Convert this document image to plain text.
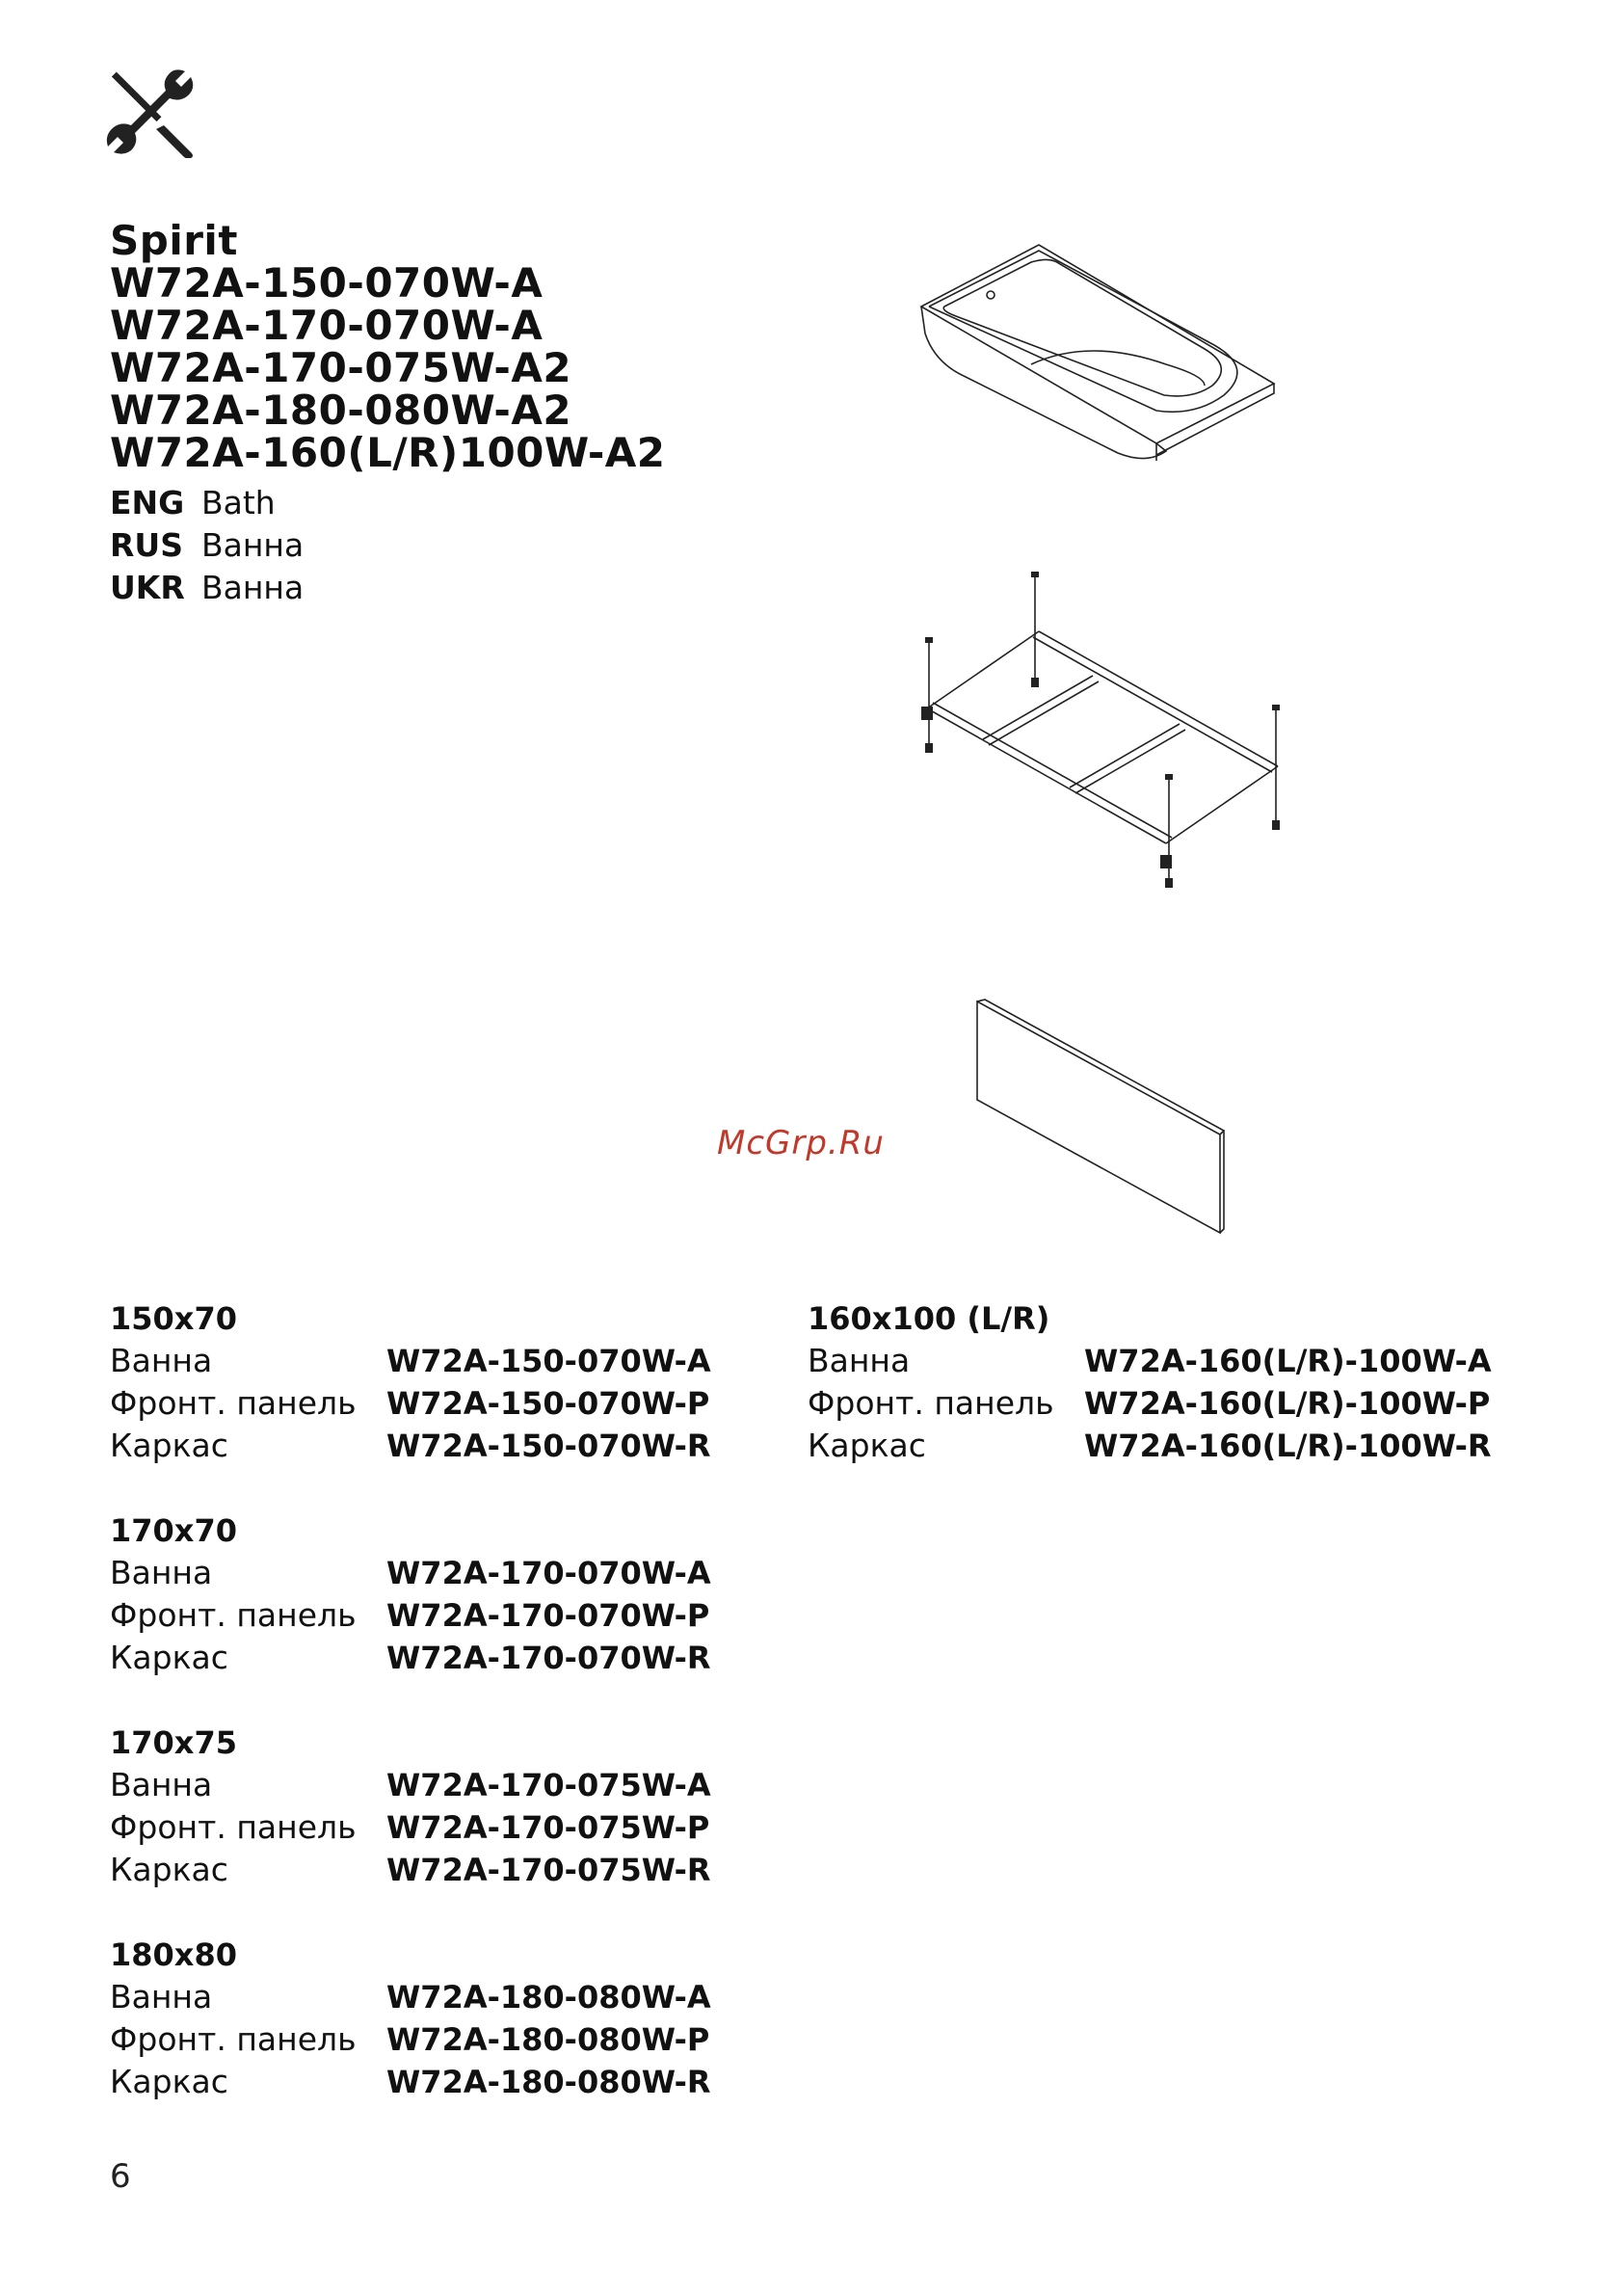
Spirit
W72A-150-070W-A
W72A-170-070W-A
W72A-170-075W-A2
W72A-180-080W-A2
W72A-160(L/R)100W-A2
ENG Bath
RUS Ванна
UKR Ванна
McGrp.Ru
150x70
Ванна	W72A-150-070W-A
Фронт. панель W72A-150-070W-P
Каркас	W72A-150-070W-R
170x70
Ванна	W72A-170-070W-A
Фронт. панель W72A-170-070W-P
Каркас	W72A-170-070W-R
170x75
Ванна	W72A-170-075W-A
Фронт. панель W72A-170-075W-P
Каркас	W72A-170-075W-R
180x80
Ванна	W72A-180-080W-A
Фронт. панель W72A-180-080W-P
Каркас	W72A-180-080W-R
160x100 (L/R)
Ванна	W72A-160(L/R)-100W-A
Фронт. панель W72A-160(L/R)-100W-P
Каркас	W72A-160(L/R)-100W-R
6
